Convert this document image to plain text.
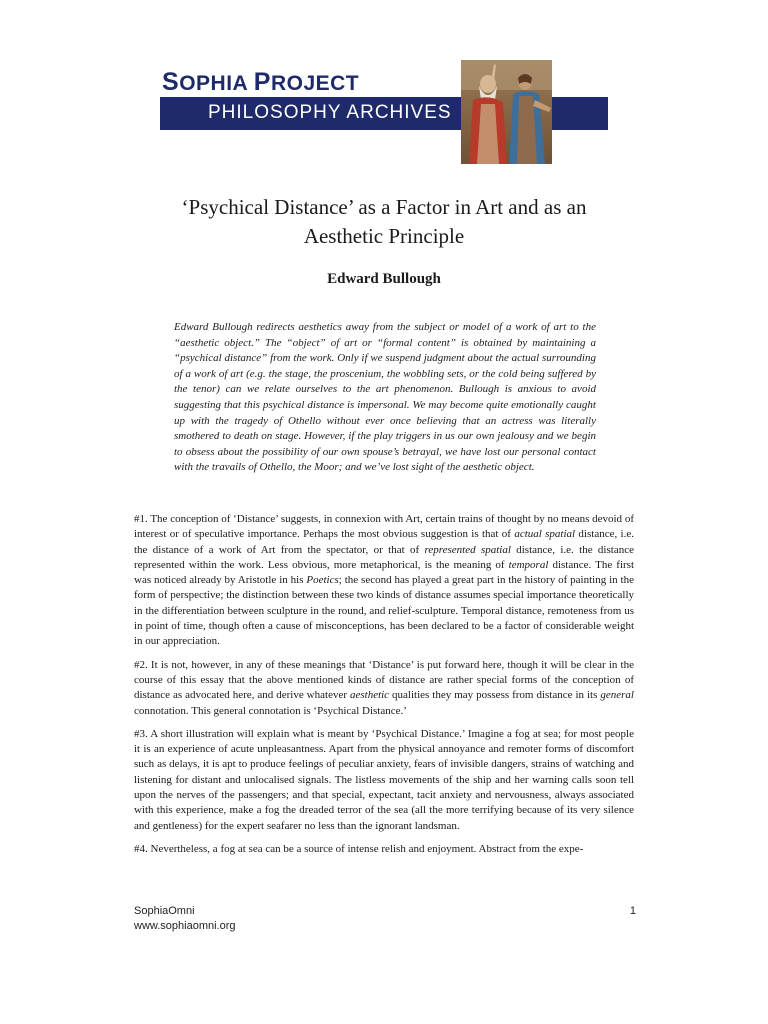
SOPHIA PROJECT
PHILOSOPHY ARCHIVES
‘Psychical Distance’ as a Factor in Art and as an
Aesthetic Principle
Edward Bullough
Edward Bullough redirects aesthetics away from the subject or model of a work of art to the “aesthetic object.” The “object” of art or “formal content” is obtained by maintaining a “psychical distance” from the work. Only if we suspend judgment about the actual surrounding of a work of art (e.g. the stage, the proscenium, the wobbling sets, or the cold being suffered by the tenor) can we relate ourselves to the art phenomenon. Bullough is anxious to avoid suggesting that this psychical distance is impersonal. We may become quite emotionally caught up with the tragedy of Othello without ever once believing that an actress was literally smothered to death on stage. However, if the play triggers in us our own jealousy and we begin to obsess about the possibility of our own spouse’s betrayal, we have lost our personal contact with the travails of Othello, the Moor; and we’ve lost sight of the aesthetic object.

#1. The conception of ‘Distance’ suggests, in connexion with Art, certain trains of thought by no means devoid of interest or of speculative importance. Perhaps the most obvious suggestion is that of actual spatial distance, i.e. the distance of a work of Art from the spectator, or that of represented spatial distance, i.e. the distance represented within the work. Less obvious, more metaphorical, is the meaning of temporal distance. The first was noticed already by Aristotle in his Poetics; the second has played a great part in the history of painting in the form of perspective; the distinction between these two kinds of distance assumes special importance theoretically in the differentiation between sculpture in the round, and relief-sculpture. Temporal distance, remoteness from us in point of time, though often a cause of misconceptions, has been declared to be a factor of considerable weight in our appreciation.

#2. It is not, however, in any of these meanings that ‘Distance’ is put forward here, though it will be clear in the course of this essay that the above mentioned kinds of distance are rather special forms of the conception of distance as advocated here, and derive whatever aesthetic qualities they may possess from distance in its general connotation. This general connotation is ‘Psychical Distance.’

#3. A short illustration will explain what is meant by ‘Psychical Distance.’ Imagine a fog at sea; for most people it is an experience of acute unpleasantness. Apart from the physical annoyance and remoter forms of discomfort such as delays, it is apt to produce feelings of peculiar anxiety, fears of invisible dangers, strains of watching and listening for distant and unlocalised signals. The listless movements of the ship and her warning calls soon tell upon the nerves of the passengers; and that special, expectant, tacit anxiety and nervousness, always associated with this experience, make a fog the dreaded terror of the sea (all the more terrifying because of its very silence and gentleness) for the expert seafarer no less than the ignorant landsman.

#4. Nevertheless, a fog at sea can be a source of intense relish and enjoyment. Abstract from the expe-

SophiaOmni
www.sophiaomni.org
1
